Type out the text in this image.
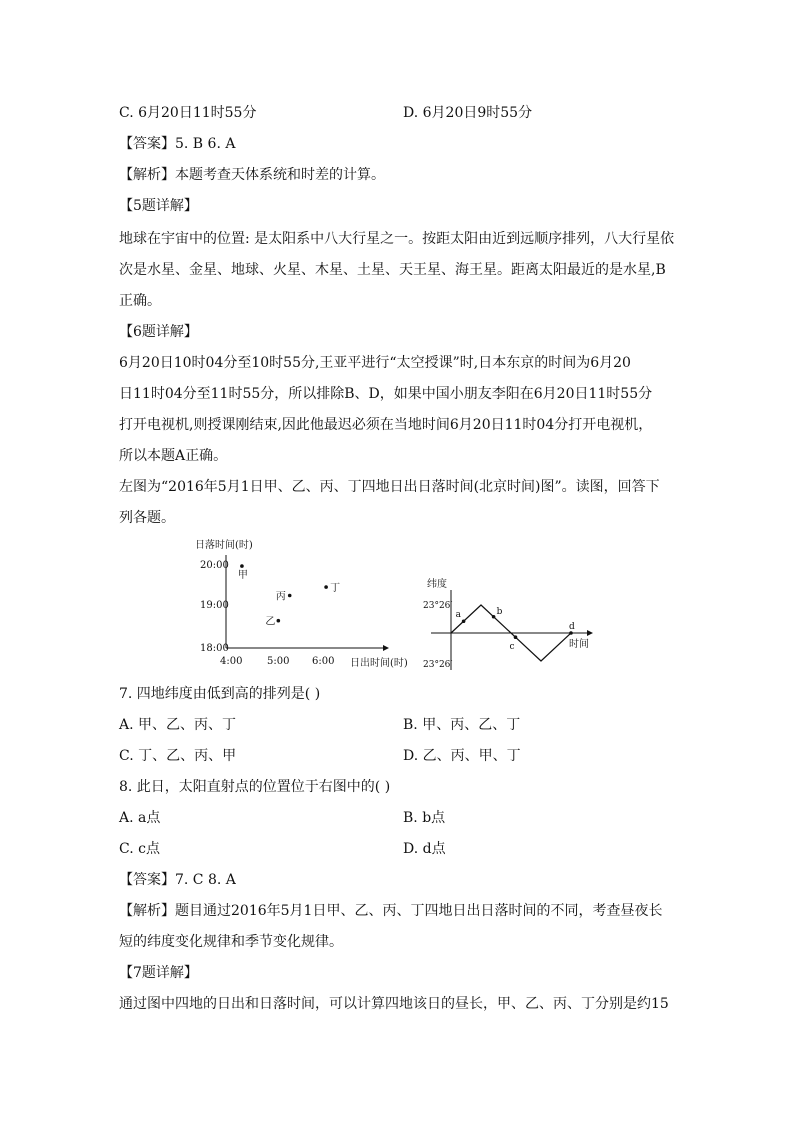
C. 6月20日11时55分	D. 6月20日9时55分
【答案】5. B 6. A
【解析】本题考查天体系统和时差的计算。
【5题详解】
地球在宇宙中的位置: 是太阳系中八大行星之一。按距太阳由近到远顺序排列，八大行星依
次是水星、金星、地球、火星、木星、土星、天王星、海王星。距离太阳最近的是水星,B
正确。
【6题详解】
6月20日10时04分至10时55分,王亚平进行“太空授课”时,日本东京的时间为6月20
日11时04分至11时55分，所以排除B、D，如果中国小朋友李阳在6月20日11时55分
打开电视机,则授课刚结束,因此他最迟必须在当地时间6月20日11时04分打开电视机，
所以本题A正确。
左图为“2016年5月1日甲、乙、丙、丁四地日出日落时间(北京时间)图”。读图，回答下
列各题。
日落时间(时)
20:00
19:00
18:00
4:00 5:00 6:00 日出时间(时)
甲
乙
丙
丁	纬度
23°26′
23°26′
时间
a	b
c
d
7. 四地纬度由低到高的排列是( )
A. 甲、乙、丙、丁	B. 甲、丙、乙、丁
C. 丁、乙、丙、甲	D. 乙、丙、甲、丁
8. 此日，太阳直射点的位置位于右图中的( )
A. a点	B. b点
C. c点	D. d点
【答案】7. C 8. A
【解析】题目通过2016年5月1日甲、乙、丙、丁四地日出日落时间的不同，考查昼夜长
短的纬度变化规律和季节变化规律。
【7题详解】
通过图中四地的日出和日落时间，可以计算四地该日的昼长，甲、乙、丙、丁分别是约15
